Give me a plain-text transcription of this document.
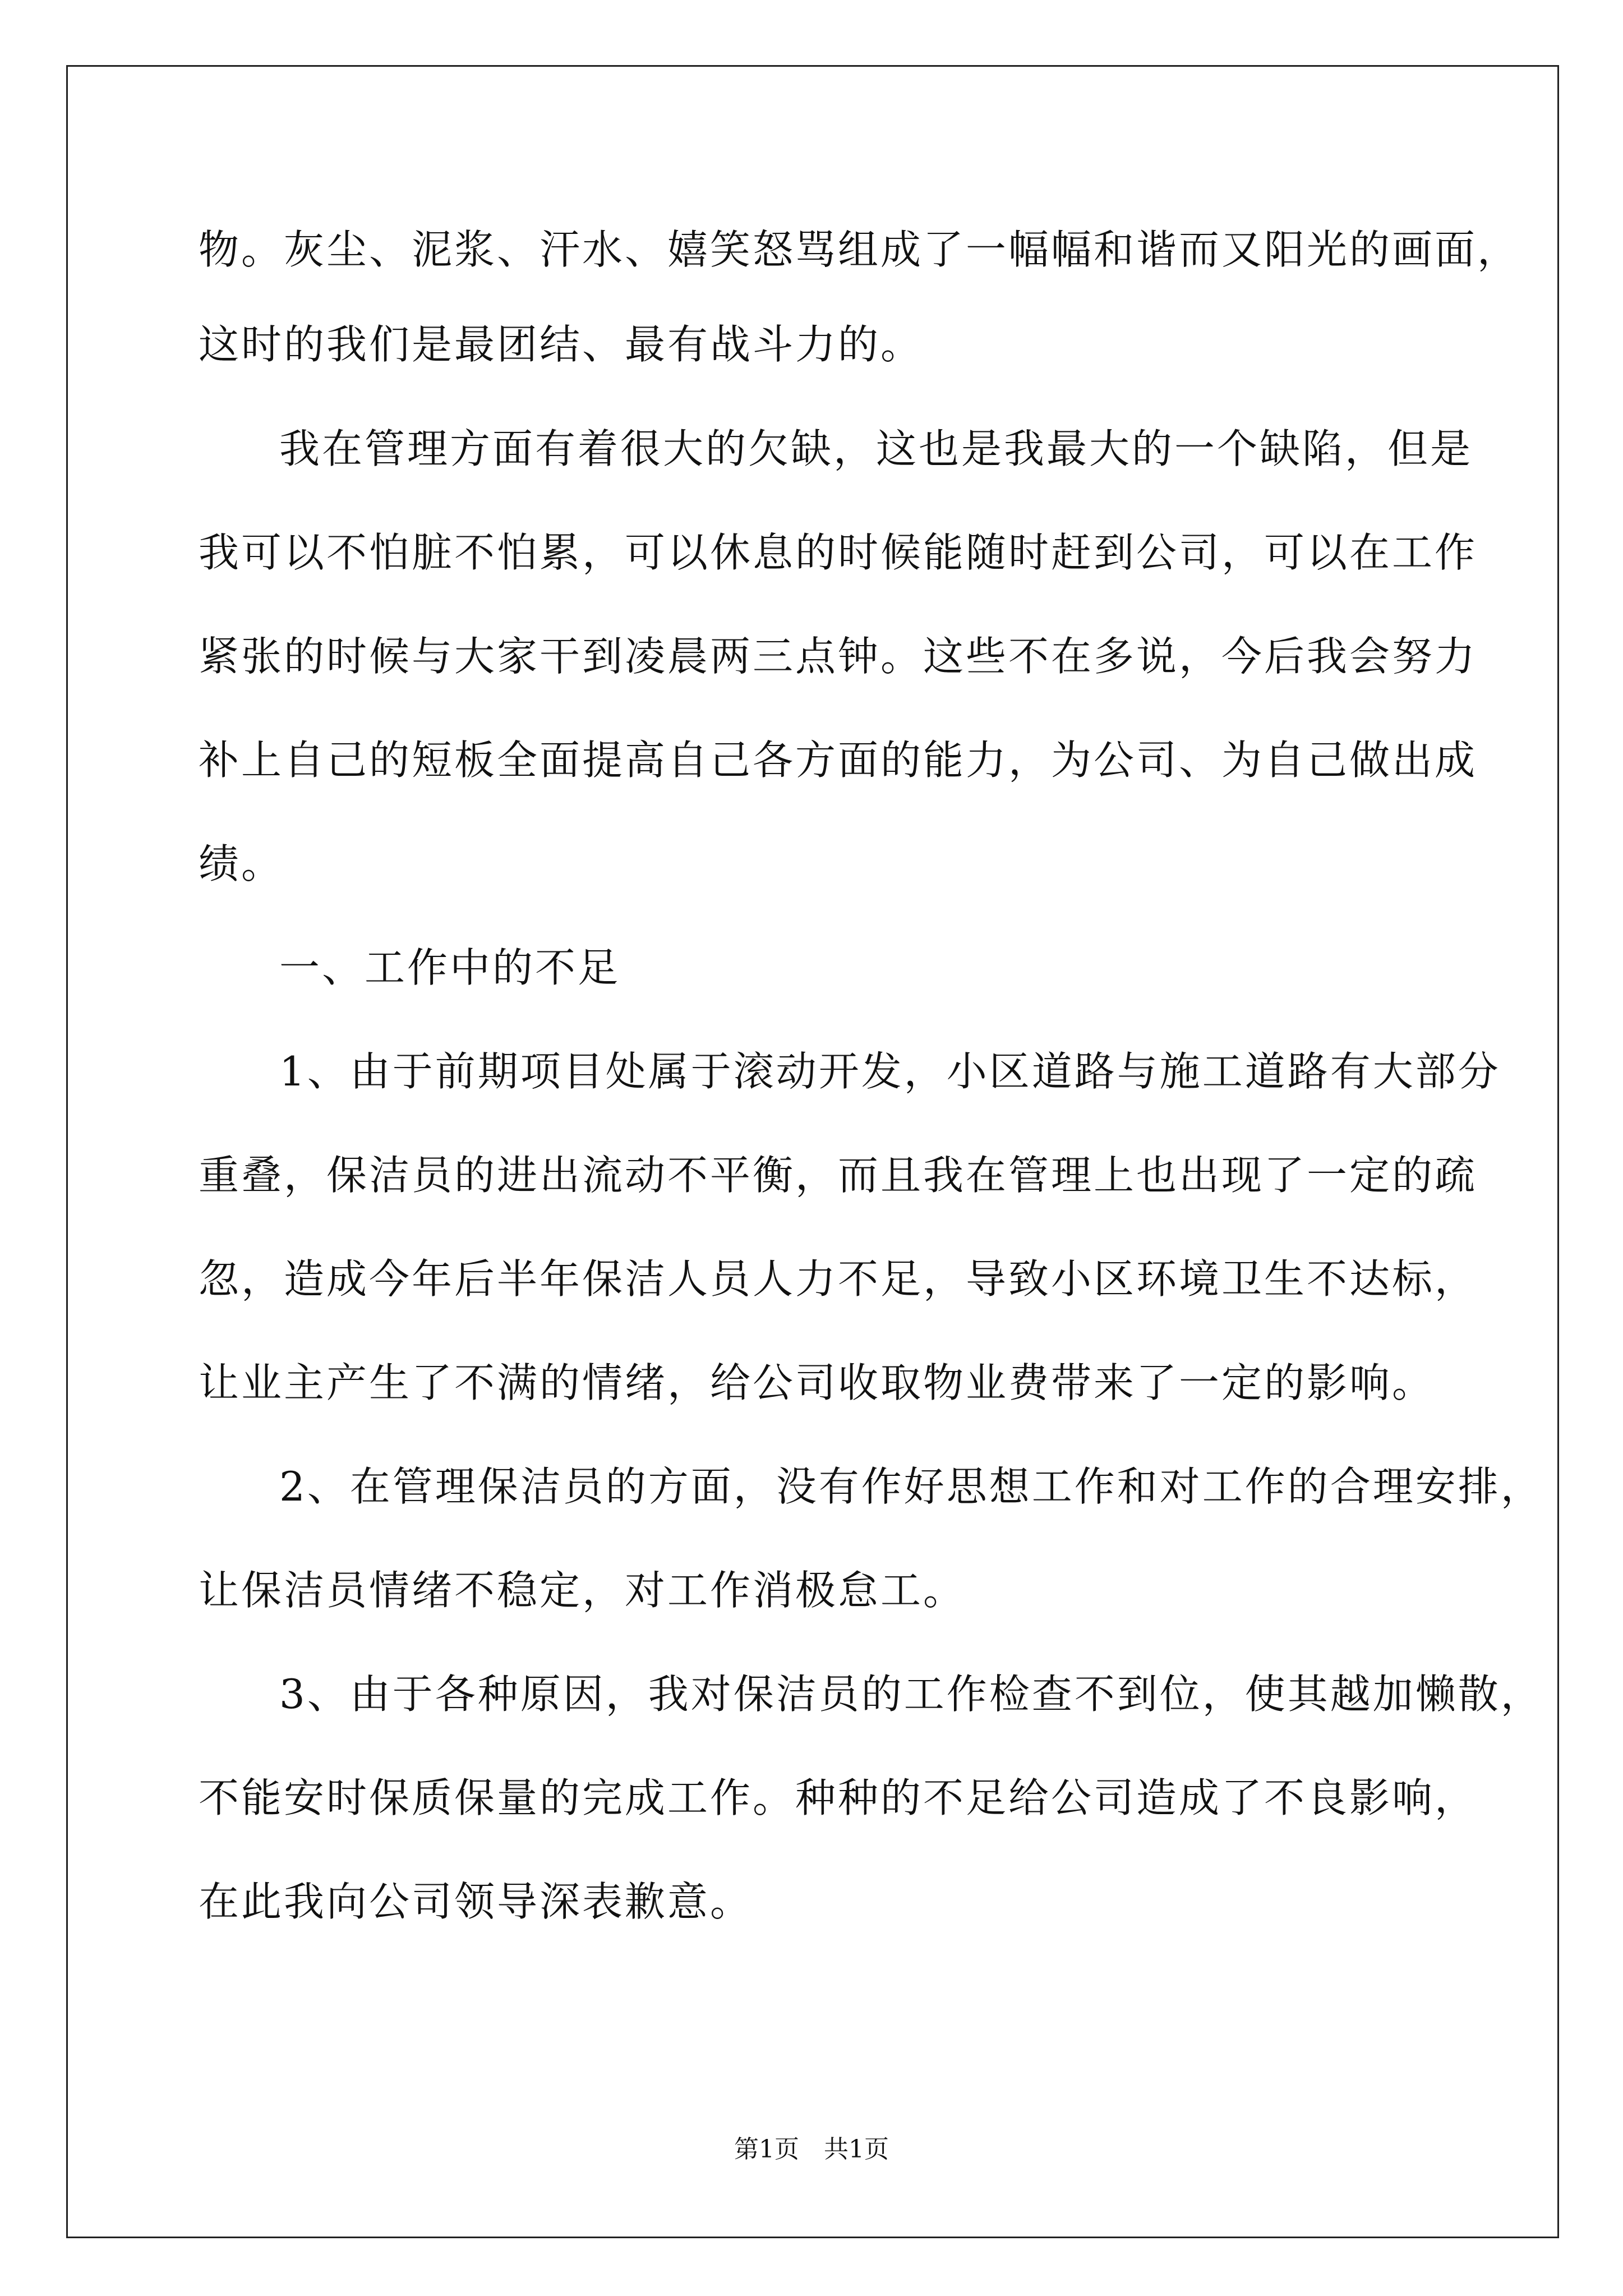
物。灰尘、泥浆、汗水、嬉笑怒骂组成了一幅幅和谐而又阳光的画面，
这时的我们是最团结、最有战斗力的。
我在管理方面有着很大的欠缺，这也是我最大的一个缺陷，但是
我可以不怕脏不怕累，可以休息的时候能随时赶到公司，可以在工作
紧张的时候与大家干到凌晨两三点钟。这些不在多说，今后我会努力
补上自己的短板全面提高自己各方面的能力，为公司、为自己做出成
绩。
一、工作中的不足
1、由于前期项目处属于滚动开发，小区道路与施工道路有大部分
重叠，保洁员的进出流动不平衡，而且我在管理上也出现了一定的疏
忽，造成今年后半年保洁人员人力不足，导致小区环境卫生不达标，
让业主产生了不满的情绪，给公司收取物业费带来了一定的影响。
2、在管理保洁员的方面，没有作好思想工作和对工作的合理安排，
让保洁员情绪不稳定，对工作消极怠工。
3、由于各种原因，我对保洁员的工作检查不到位，使其越加懒散，
不能安时保质保量的完成工作。种种的不足给公司造成了不良影响，
在此我向公司领导深表歉意。
第1页　共1页
